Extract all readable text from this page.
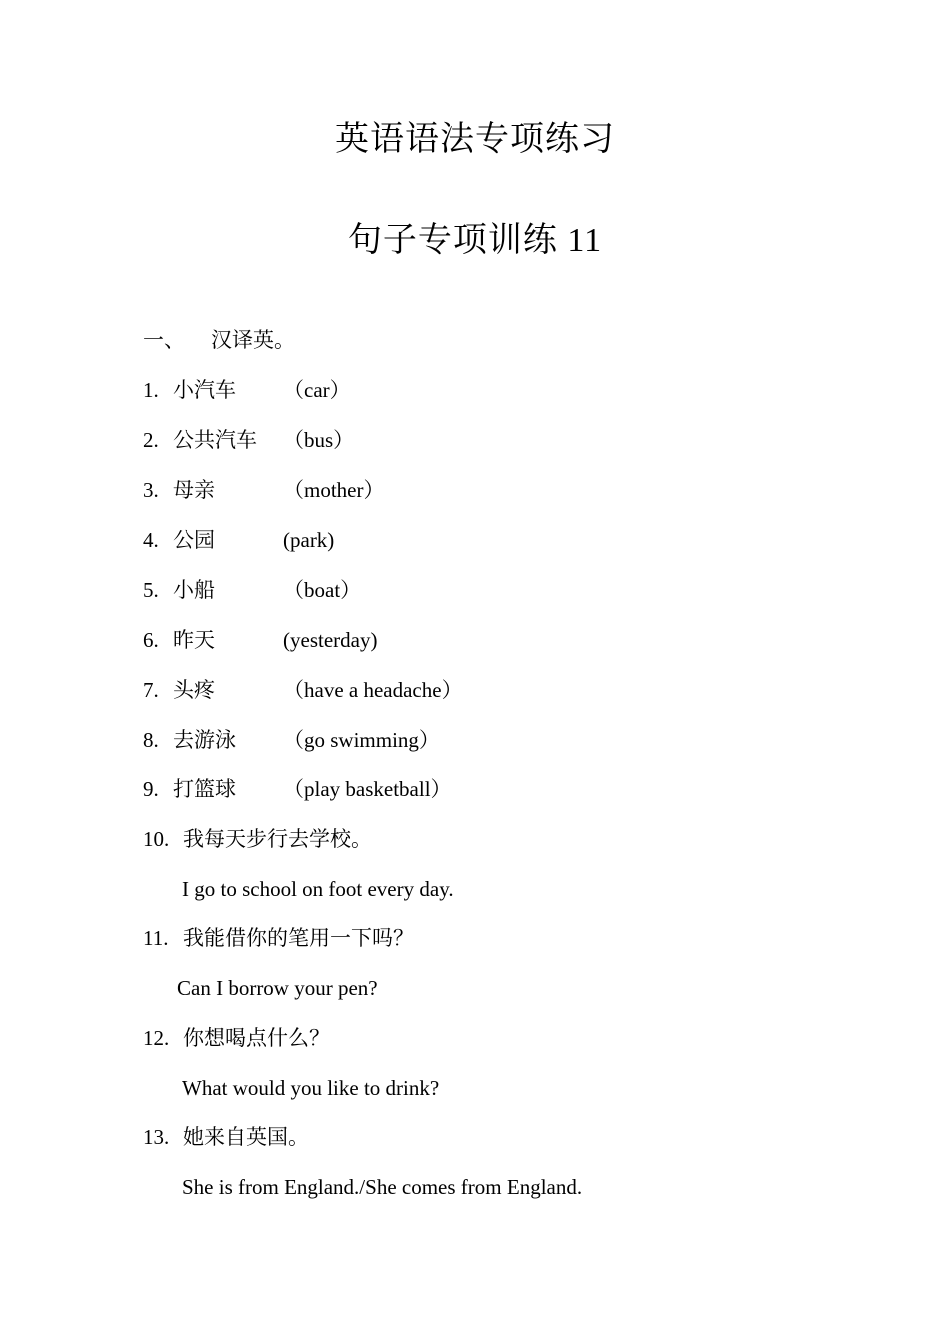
英语语法专项练习
句子专项训练 11
一、 汉译英。
1. 小汽车 （car）
2. 公共汽车 （bus）
3. 母亲	（mother）
4. 公园	(park)
5. 小船	（boat）
6. 昨天	(yesterday)
7. 头疼	（have a headache）
8. 去游泳 （go swimming）
9. 打篮球 （play basketball）
10. 我每天步行去学校。
I go to school on foot every day.
11. 我能借你的笔用一下吗？
Can I borrow your pen?
12. 你想喝点什么？
What would you like to drink?
13. 她来自英国。
She is from England./She comes from England.
